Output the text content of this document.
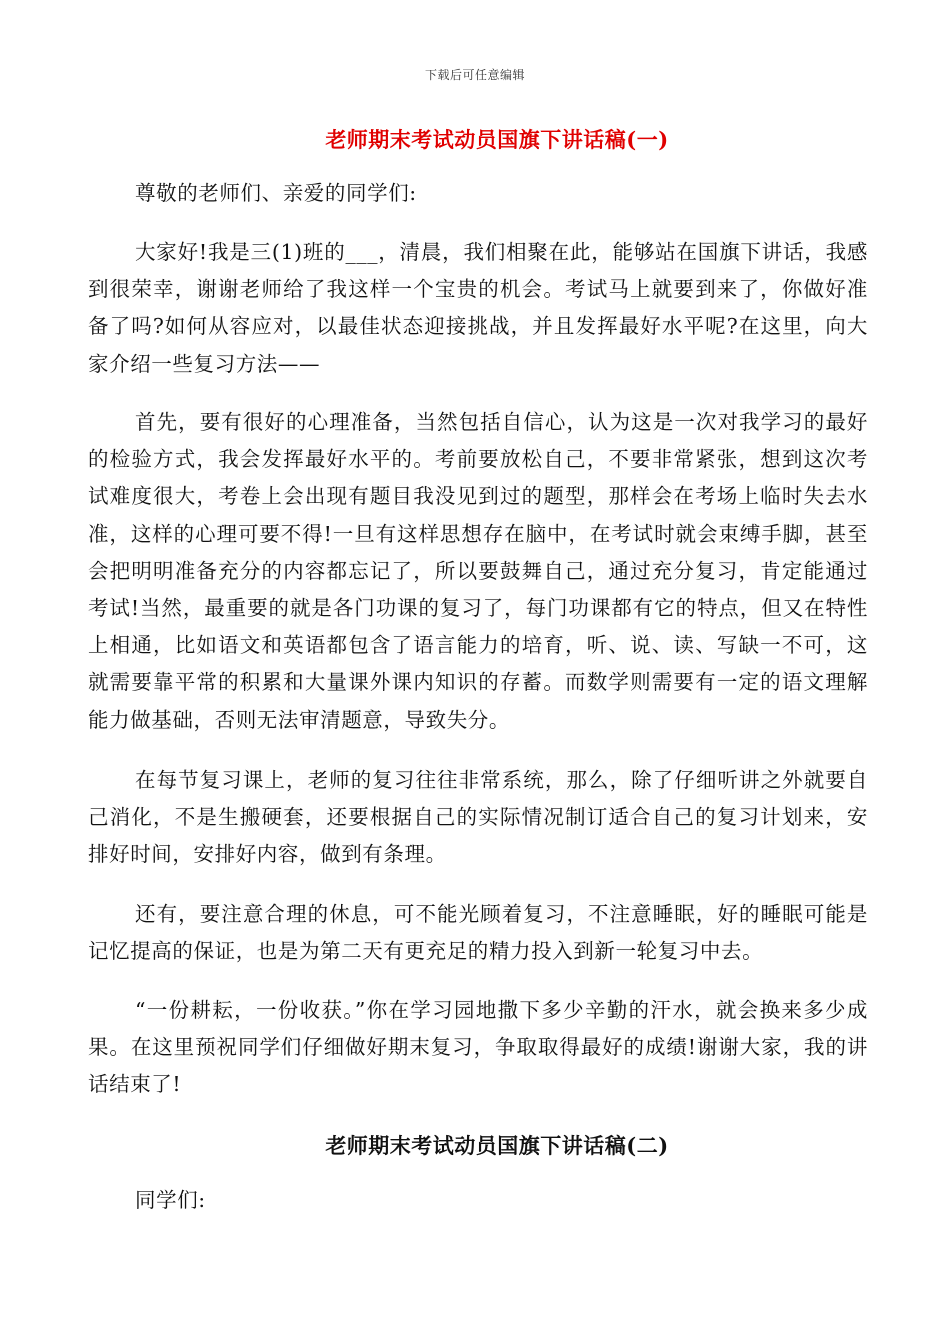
下载后可任意编辑
老师期末考试动员国旗下讲话稿(一)

尊敬的老师们、亲爱的同学们:

大家好!我是三(1)班的___，清晨，我们相聚在此，能够站在国旗下讲话，我感到很荣幸，谢谢老师给了我这样一个宝贵的机会。考试马上就要到来了，你做好准备了吗?如何从容应对，以最佳状态迎接挑战，并且发挥最好水平呢?在这里，向大家介绍一些复习方法——

首先，要有很好的心理准备，当然包括自信心，认为这是一次对我学习的最好的检验方式，我会发挥最好水平的。考前要放松自己，不要非常紧张，想到这次考试难度很大，考卷上会出现有题目我没见到过的题型，那样会在考场上临时失去水准，这样的心理可要不得!一旦有这样思想存在脑中，在考试时就会束缚手脚，甚至会把明明准备充分的内容都忘记了，所以要鼓舞自己，通过充分复习，肯定能通过考试!当然，最重要的就是各门功课的复习了，每门功课都有它的特点，但又在特性上相通，比如语文和英语都包含了语言能力的培育，听、说、读、写缺一不可，这就需要靠平常的积累和大量课外课内知识的存蓄。而数学则需要有一定的语文理解能力做基础，否则无法审清题意，导致失分。

在每节复习课上，老师的复习往往非常系统，那么，除了仔细听讲之外就要自己消化，不是生搬硬套，还要根据自己的实际情况制订适合自己的复习计划来，安排好时间，安排好内容，做到有条理。

还有，要注意合理的休息，可不能光顾着复习，不注意睡眠，好的睡眠可能是记忆提高的保证，也是为第二天有更充足的精力投入到新一轮复习中去。

“一份耕耘，一份收获。”你在学习园地撒下多少辛勤的汗水，就会换来多少成果。在这里预祝同学们仔细做好期末复习，争取取得最好的成绩!谢谢大家，我的讲话结束了!

老师期末考试动员国旗下讲话稿(二)

同学们:
